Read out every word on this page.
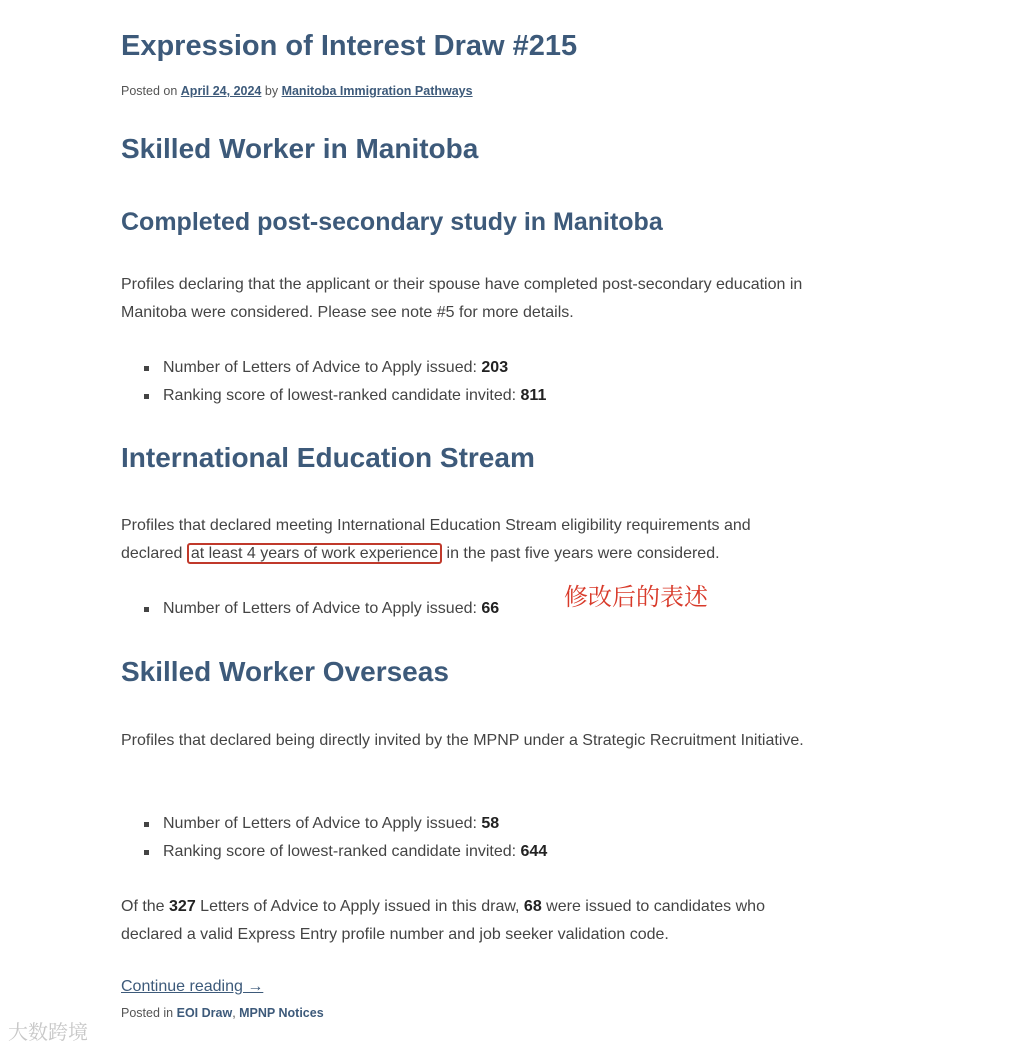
Expression of Interest Draw #215
Posted on April 24, 2024 by Manitoba Immigration Pathways
Skilled Worker in Manitoba
Completed post-secondary study in Manitoba

Profiles declaring that the applicant or their spouse have completed post-secondary education in Manitoba were considered. Please see note #5 for more details.

Number of Letters of Advice to Apply issued: 203
Ranking score of lowest-ranked candidate invited: 811
International Education Stream

Profiles that declared meeting International Education Stream eligibility requirements and declared at least 4 years of work experience in the past five years were considered.

Number of Letters of Advice to Apply issued: 66
Skilled Worker Overseas

Profiles that declared being directly invited by the MPNP under a Strategic Recruitment Initiative.

Number of Letters of Advice to Apply issued: 58
Ranking score of lowest-ranked candidate invited: 644

Of the 327 Letters of Advice to Apply issued in this draw, 68 were issued to candidates who declared a valid Express Entry profile number and job seeker validation code.

Continue reading →
Posted in EOI Draw, MPNP Notices
修改后的表述
大数跨境
